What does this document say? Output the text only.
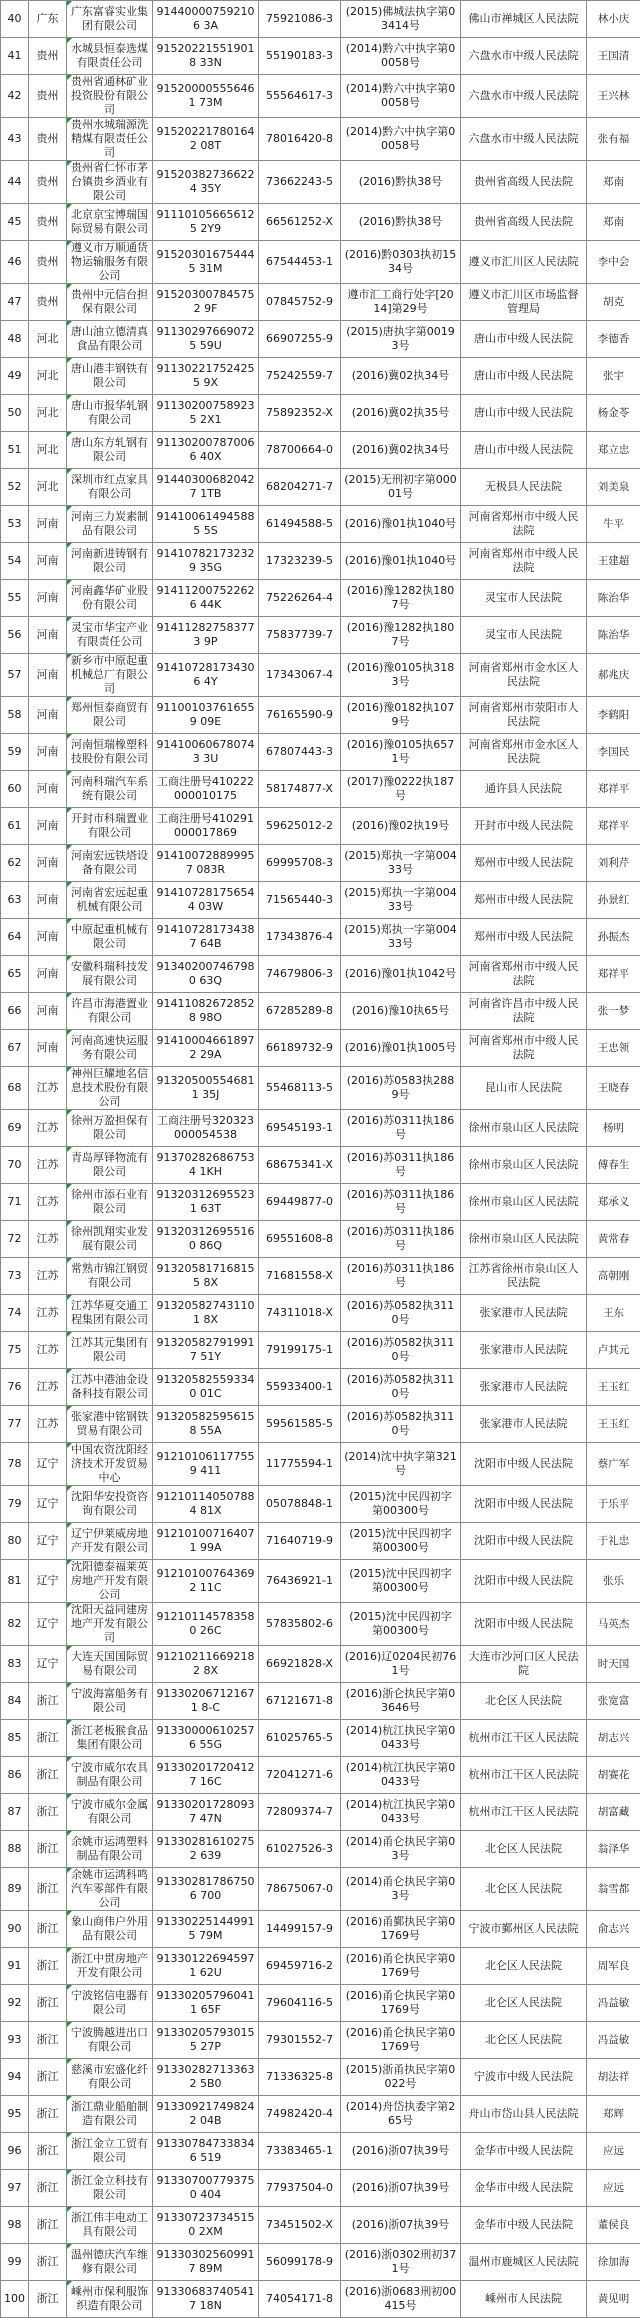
40	广东	广东富睿实业集团有限公司	914400007592106 3A	75921086-3	(2015)佛城法执字第03414号	佛山市禅城区人民法院	林小庆
41	贵州	水城县恒泰选煤有限责任公司	915202215519018 33N	55190183-3	(2014)黔六中执字第00058号	六盘水市中级人民法院	王国清
42	贵州	贵州省通林矿业投资股份有限公司	915200005556461 73M	55564617-3	(2014)黔六中执字第00058号	六盘水市中级人民法院	王兴林
43	贵州	贵州水城瑞源洗精煤有限责任公司	915202217801642 08T	78016420-8	(2014)黔六中执字第00058号	六盘水市中级人民法院	张有福
44	贵州	贵州省仁怀市茅台镇贵乡酒业有限公司	915203827366224 35Y	73662243-5	(2016)黔执38号	贵州省高级人民法院	郑南
45	贵州	北京京宝博瑞国际贸易有限公司	911101056656125 2Y9	66561252-X	(2016)黔执38号	贵州省高级人民法院	郑南
46	贵州	遵义市万顺通货物运输服务有限公司	915203016754445 31M	67544453-1	(2016)黔0303执初1534号	遵义市汇川区人民法院	李中会
47	贵州	贵州中元信台担保有限公司	915203007845752 9F	07845752-9	遵市汇工商行处字[2014]第29号	遵义市汇川区市场监督管理局	胡克
48	河北	唐山油立德清真食品有限公司	911302976690725 59U	66907255-9	(2015)唐执字第00193号	唐山市中级人民法院	李德香
49	河北	唐山港丰钢铁有限公司	911302217524255 9X	75242559-7	(2016)冀02执34号	唐山市中级人民法院	张宇
50	河北	唐山市报华轧钢有限公司	911302007589235 2X1	75892352-X	(2016)冀02执35号	唐山市中级人民法院	杨金苓
51	河北	唐山东方轧钢有限公司	911302007870066 40X	78700664-0	(2016)冀02执34号	唐山市中级人民法院	郑立忠
52	河北	深圳市红点家具有限公司	914403006820427 1TB	68204271-7	(2015)无刑初字第00001号	无极县人民法院	刘美泉
53	河南	河南三力炭素制品有限公司	914100614945885 5S	61494588-5	(2016)豫01执1040号	河南省郑州市中级人民法院	牛平
54	河南	河南新进铸钢有限公司	914107821732329 35G	17323239-5	(2016)豫01执1040号	河南省郑州市中级人民法院	王建超
55	河南	河南鑫华矿业股份有限公司	914112007522626 44K	75226264-4	(2016)豫1282执1807号	灵宝市人民法院	陈治华
56	河南	灵宝市华宝产业有限责任公司	914112827583773 9P	75837739-7	(2016)豫1282执1807号	灵宝市人民法院	陈治华
57	河南	新乡市中原起重机械总厂有限公司	914107281734306 4Y	17343067-4	(2016)豫0105执3183号	河南省郑州市金水区人民法院	郝兆庆
58	河南	郑州恒泰商贸有限公司	911001037616559 09E	76165590-9	(2016)豫0182执1079号	河南省郑州市荥阳市人民法院	李鹤阳
59	河南	河南恒瑞橡塑科技股份有限公司	914100606780743 3U	67807443-3	(2016)豫0105执6571号	河南省郑州市金水区人民法院	李国民
60	河南	河南科瑞汽车系统有限公司	工商注册号410222000010175	58174877-X	(2017)豫0222执187号	通许县人民法院	郑祥平
61	河南	开封市科瑞置业有限公司	工商注册号410291000017869	59625012-2	(2016)豫02执19号	开封市中级人民法院	郑祥平
62	河南	河南宏远铁塔设备有限公司	914100728899957 083R	69995708-3	(2015)郑执一字第00433号	郑州市中级人民法院	刘利芹
63	河南	河南省宏远起重机械有限公司	914107281756544 03W	71565440-3	(2015)郑执一字第00433号	郑州市中级人民法院	孙景红
64	河南	中原起重机械有限公司	914107281734387 64B	17343876-4	(2015)郑执一字第00433号	郑州市中级人民法院	孙振杰
65	河南	安徽科瑞科技发展有限公司	913402007467980 63Q	74679806-3	(2016)豫01执1042号	河南省郑州市中级人民法院	郑祥平
66	河南	许昌市海港置业有限公司	914110826728528 98O	67285289-8	(2016)豫10执65号	河南省许昌市中级人民法院	张一梦
67	河南	河南高速快运服务有限公司	914100046618972 29A	66189732-9	(2016)豫01执1005号	河南省郑州市中级人民法院	王忠领
68	江苏	神州巨耀地名信息技术股份有限公司	913205005546811 35J	55468113-5	(2016)苏0583执2889号	昆山市人民法院	王晓春
69	江苏	徐州万盈担保有限公司	工商注册号320323000054538	69545193-1	(2016)苏0311执186号	徐州市泉山区人民法院	杨明
70	江苏	青岛厚铎物流有限公司	913702826867534 1KH	68675341-X	(2016)苏0311执186号	徐州市泉山区人民法院	傅春生
71	江苏	徐州市添石业有限公司	913203126955231 63T	69449877-0	(2016)苏0311执186号	徐州市泉山区人民法院	郑承义
72	江苏	徐州凯翔实业发展有限公司	913203126955160 86Q	69551608-8	(2016)苏0311执186号	徐州市泉山区人民法院	黄常春
73	江苏	常熟市锦江钢贸有限公司	913205817168155 8X	71681558-X	(2016)苏0311执186号	江苏省徐州市泉山区人民法院	高朝刚
74	江苏	江苏华夏交通工程集团有限公司	913205827431101 8X	74311018-X	(2016)苏0582执3110号	张家港市人民法院	王东
75	江苏	江苏其元集团有限公司	913205827919917 51Y	79199175-1	(2016)苏0582执3110号	张家港市人民法院	卢其元
76	江苏	江苏中港油金设备科技有限公司	913205825593340 01C	55933400-1	(2016)苏0582执3110号	张家港市人民法院	王玉红
77	江苏	张家港中铭钢铁贸易有限公司	913205825956158 55A	59561585-5	(2016)苏0582执3110号	张家港市人民法院	王玉红
78	辽宁	中国农资沈阳经济技术开发贸易中心	912101061177559 411	11775594-1	(2014)沈中执字第321号	沈阳市中级人民法院	蔡广军
79	辽宁	沈阳华安投资咨询有限公司	912101140507884 81X	05078848-1	(2015)沈中民四初字第00300号	沈阳市中级人民法院	于乐平
80	辽宁	辽宁伊莱威房地产开发有限公司	912101007164071 99A	71640719-9	(2015)沈中民四初字第00300号	沈阳市中级人民法院	于礼忠
81	辽宁	沈阳德泰福莱英房地产开发有限公司	912101007643692 11C	76436921-1	(2015)沈中民四初字第00300号	沈阳市中级人民法院	张乐
82	辽宁	沈阳天益同建房地产开发有限公司	912101145783580 26C	57835802-6	(2015)沈中民四初字第00300号	沈阳市中级人民法院	马英杰
83	辽宁	大连天国国际贸易有限公司	912102116692182 8X	66921828-X	(2016)辽0204民初761号	大连市沙河口区人民法院	时天国
84	浙江	宁波海富船务有限公司	913302067121671 8-C	67121671-8	(2016)浙仑执民字第03646号	北仑区人民法院	张宽富
85	浙江	浙江老板猴食品集团有限公司	913300006102576 55G	61025765-5	(2014)杭江执民字第00433号	杭州市江干区人民法院	胡志兴
86	浙江	宁波市威尔农具制品有限公司	913302017204127 16C	72041271-6	(2014)杭江执民字第00433号	杭州市江干区人民法院	胡赛花
87	浙江	宁波市威尔金属有限公司	913302017280937 47N	72809374-7	(2014)杭江执民字第00433号	杭州市江干区人民法院	胡富藏
88	浙江	余姚市运鸿塑料制品有限公司	913302816102752 639	61027526-3	(2014)甬仑执民字第03号	北仑区人民法院	翁泽华
89	浙江	余姚市运鸿科鸣汽车零部件有限公司	913302817867506 700	78675067-0	(2014)甬仑执民字第03号	北仑区人民法院	翁雪都
90	浙江	象山商伟户外用品有限公司	913302251449915 79M	14499157-9	(2016)甬鄞执民字第01769号	宁波市鄞州区人民法院	俞志兴
91	浙江	浙江中贯房地产开发有限公司	913301226945971 62U	69459716-2	(2016)甬仑执民字第01769号	北仑区人民法院	周军良
92	浙江	宁波铭信电器有限公司	913302057960411 65F	79604116-5	(2016)甬仑执民字第01769号	北仑区人民法院	冯益敏
93	浙江	宁波腾越进出口有限公司	913302057930155 27P	79301552-7	(2016)甬仑执民字第01769号	北仑区人民法院	冯益敏
94	浙江	慈溪市宏盛化纤有限公司	913302827133632 5B0	71336325-8	(2015)浙甬执民字第0022号	宁波市中级人民法院	胡法祥
95	浙江	浙江鼎业船舶制造有限公司	913309217498242 04B	74982420-4	(2014)舟岱执委字第265号	舟山市岱山县人民法院	郑辉
96	浙江	浙江金立工贸有限公司	913307847338346 519	73383465-1	(2016)浙07执39号	金华市中级人民法院	应远
97	浙江	浙江金立科技有限公司	913307007793750 404	77937504-0	(2016)浙07执39号	金华市中级人民法院	应远
98	浙江	浙江伟丰电动工具有限公司	913307237345150 2XM	73451502-X	(2016)浙07执39号	金华市中级人民法院	董侯良
99	浙江	温州德庆汽车维修有限公司	913303025609917 89M	56099178-9	(2016)浙0302刑初371号	温州市鹿城区人民法院	徐加海
100	浙江	嵊州市保利服饰织造有限公司	913306837405417 18N	74054171-8	(2016)浙0683刑初00415号	嵊州市人民法院	黄见明
